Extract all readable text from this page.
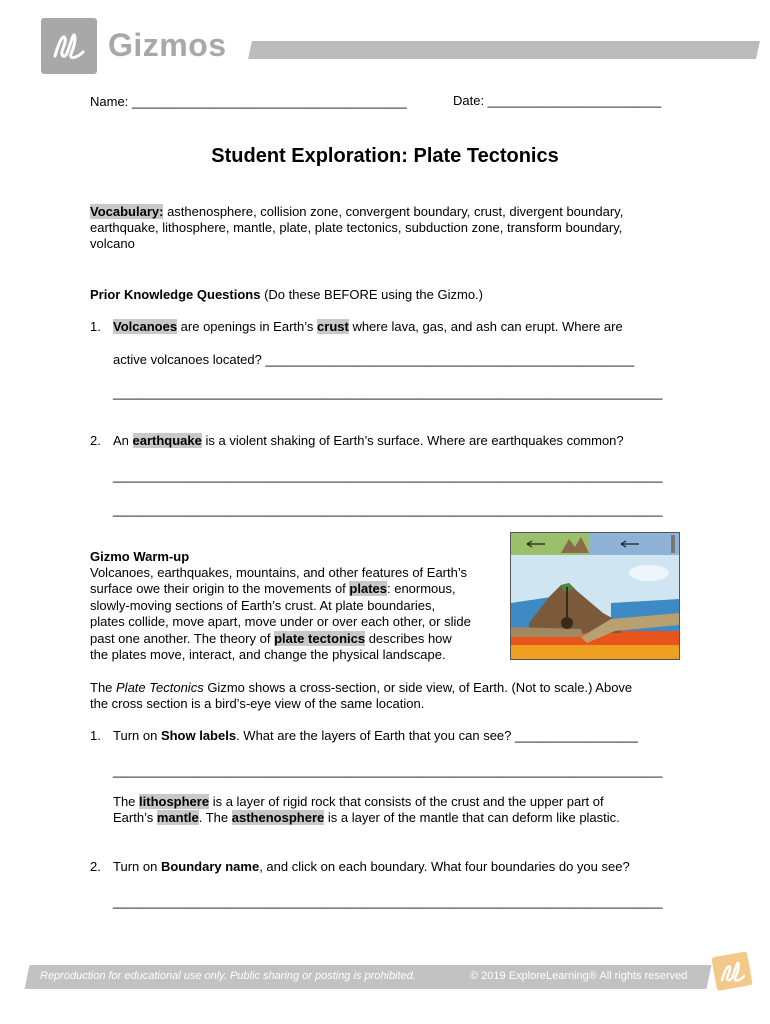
Gizmos
Name: ______________________________________	Date: ________________________
Student Exploration: Plate Tectonics
Vocabulary: asthenosphere, collision zone, convergent boundary, crust, divergent boundary,
earthquake, lithosphere, mantle, plate, plate tectonics, subduction zone, transform boundary,
volcano
Prior Knowledge Questions (Do these BEFORE using the Gizmo.)
1. Volcanoes are openings in Earth’s crust where lava, gas, and ash can erupt. Where are
active volcanoes located? ___________________________________________________
____________________________________________________________________________
2. An earthquake is a violent shaking of Earth’s surface. Where are earthquakes common?
____________________________________________________________________________
____________________________________________________________________________
Gizmo Warm-up
Volcanoes, earthquakes, mountains, and other features of Earth’s
surface owe their origin to the movements of plates: enormous,
slowly-moving sections of Earth’s crust. At plate boundaries,
plates collide, move apart, move under or over each other, or slide
past one another. The theory of plate tectonics describes how
the plates move, interact, and change the physical landscape.
The Plate Tectonics Gizmo shows a cross-section, or side view, of Earth. (Not to scale.) Above
the cross section is a bird’s-eye view of the same location.
1. Turn on Show labels. What are the layers of Earth that you can see? _________________
____________________________________________________________________________
The lithosphere is a layer of rigid rock that consists of the crust and the upper part of
Earth’s mantle. The asthenosphere is a layer of the mantle that can deform like plastic.
2. Turn on Boundary name, and click on each boundary. What four boundaries do you see?
____________________________________________________________________________
Reproduction for educational use only. Public sharing or posting is prohibited.	© 2019 ExploreLearning® All rights reserved
